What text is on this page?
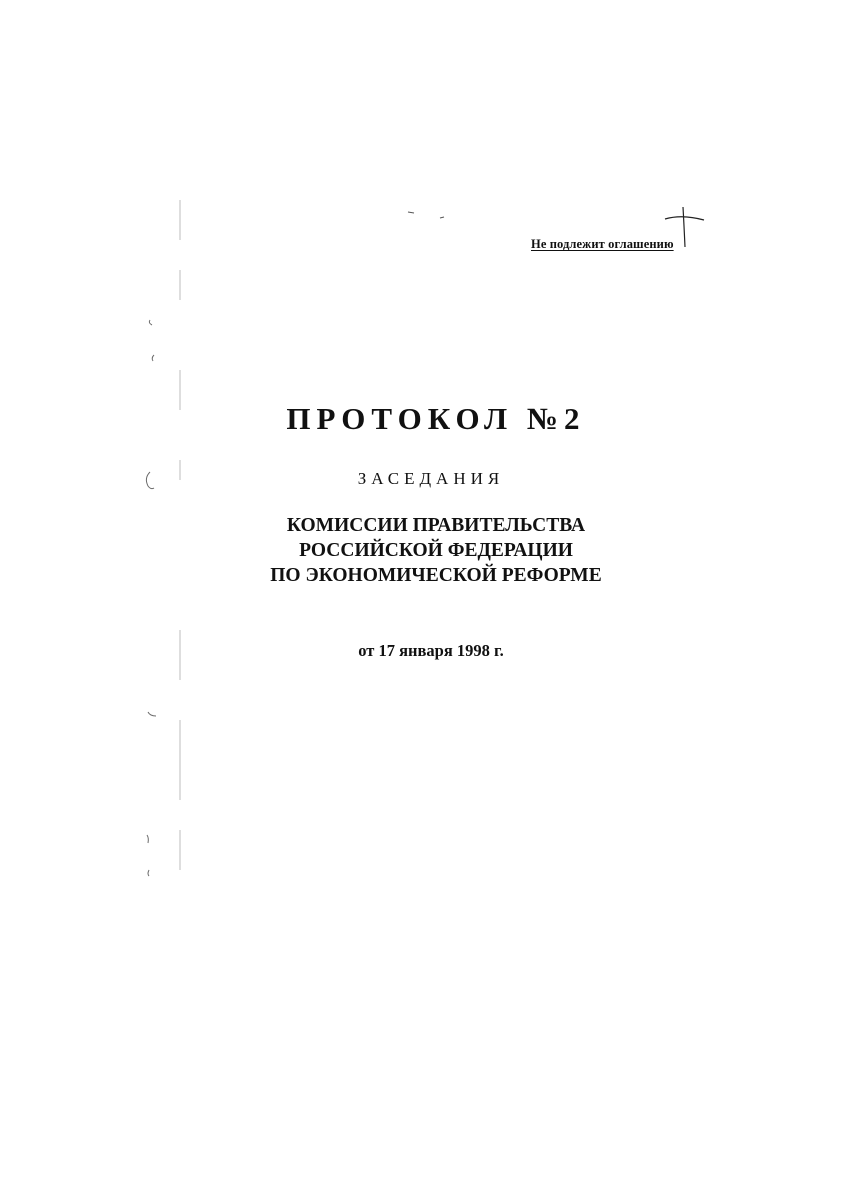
Не подлежит оглашению
ПРОТОКОЛ №2
ЗАСЕДАНИЯ
КОМИССИИ ПРАВИТЕЛЬСТВА
РОССИЙСКОЙ ФЕДЕРАЦИИ
ПО ЭКОНОМИЧЕСКОЙ РЕФОРМЕ
от 17 января 1998 г.
